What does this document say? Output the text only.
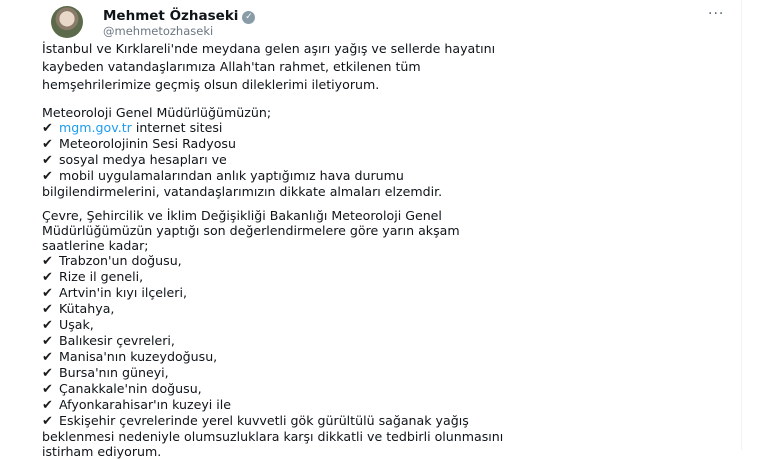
Mehmet Özhaseki ✓
@mehmetozhaseki
···
İstanbul ve Kırklareli'nde meydana gelen aşırı yağış ve sellerde hayatını
kaybeden vatandaşlarımıza Allah'tan rahmet, etkilenen tüm
hemşehrilerimize geçmiş olsun dileklerimi iletiyorum.
Meteoroloji Genel Müdürlüğümüzün;
✔ mgm.gov.tr internet sitesi
✔ Meteorolojinin Sesi Radyosu
✔ sosyal medya hesapları ve
✔ mobil uygulamalarından anlık yaptığımız hava durumu
bilgilendirmelerini, vatandaşlarımızın dikkate almaları elzemdir.
Çevre, Şehircilik ve İklim Değişikliği Bakanlığı Meteoroloji Genel
Müdürlüğümüzün yaptığı son değerlendirmelere göre yarın akşam
saatlerine kadar;
✔ Trabzon'un doğusu,
✔ Rize il geneli,
✔ Artvin'in kıyı ilçeleri,
✔ Kütahya,
✔ Uşak,
✔ Balıkesir çevreleri,
✔ Manisa'nın kuzeydoğusu,
✔ Bursa'nın güneyi,
✔ Çanakkale'nin doğusu,
✔ Afyonkarahisar'ın kuzeyi ile
✔ Eskişehir çevrelerinde yerel kuvvetli gök gürültülü sağanak yağış
beklenmesi nedeniyle olumsuzluklara karşı dikkatli ve tedbirli olunmasını
istirham ediyorum.
